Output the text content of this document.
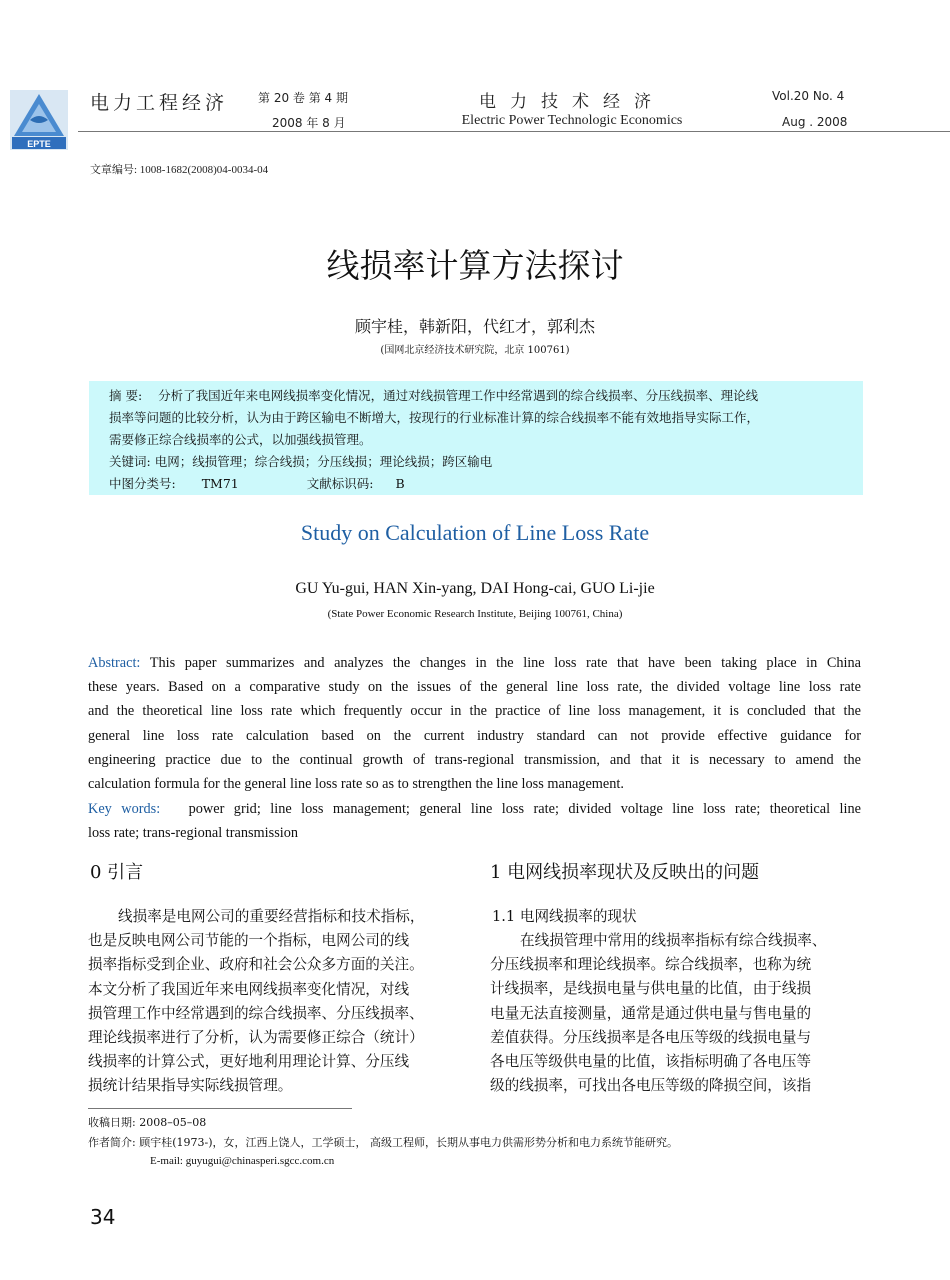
EPTE
电力工程经济 第 20 卷 第 4 期
2008 年 8 月
电力技术经济
Electric Power Technologic Economics
Vol.20 No. 4
Aug . 2008
文章编号: 1008-1682(2008)04-0034-04
线损率计算方法探讨
顾宇桂，韩新阳，代红才，郭利杰
(国网北京经济技术研究院，北京 100761)
摘 要: 分析了我国近年来电网线损率变化情况，通过对线损管理工作中经常遇到的综合线损率、分压线损率、理论线
损率等问题的比较分析，认为由于跨区输电不断增大，按现行的行业标准计算的综合线损率不能有效地指导实际工作，
需要修正综合线损率的公式，以加强线损管理。
关键词: 电网；线损管理；综合线损；分压线损；理论线损；跨区输电
中图分类号: TM71	文献标识码: B
Study on Calculation of Line Loss Rate
GU Yu-gui, HAN Xin-yang, DAI Hong-cai, GUO Li-jie
(State Power Economic Research Institute, Beijing 100761, China)
Abstract: This paper summarizes and analyzes the changes in the line loss rate that have been taking place in China
these years. Based on a comparative study on the issues of the general line loss rate, the divided voltage line loss rate
and the theoretical line loss rate which frequently occur in the practice of line loss management, it is concluded that the
general line loss rate calculation based on the current industry standard can not provide effective guidance for
engineering practice due to the continual growth of trans-regional transmission, and that it is necessary to amend the
calculation formula for the general line loss rate so as to strengthen the line loss management.
Key words: power grid; line loss management; general line loss rate; divided voltage line loss rate; theoretical line
loss rate; trans-regional transmission
0 引言	1 电网线损率现状及反映出的问题
线损率是电网公司的重要经营指标和技术指标，
也是反映电网公司节能的一个指标，电网公司的线
损率指标受到企业、政府和社会公众多方面的关注。
本文分析了我国近年来电网线损率变化情况，对线
损管理工作中经常遇到的综合线损率、分压线损率、
理论线损率进行了分析，认为需要修正综合（统计）
线损率的计算公式，更好地利用理论计算、分压线
损统计结果指导实际线损管理。
1.1 电网线损率的现状
在线损管理中常用的线损率指标有综合线损率、
分压线损率和理论线损率。综合线损率，也称为统
计线损率，是线损电量与供电量的比值，由于线损
电量无法直接测量，通常是通过供电量与售电量的
差值获得。分压线损率是各电压等级的线损电量与
各电压等级供电量的比值，该指标明确了各电压等
级的线损率，可找出各电压等级的降损空间，该指
收稿日期: 2008–05–08
作者简介: 顾宇桂(1973-)，女，江西上饶人，工学硕士， 高级工程师，长期从事电力供需形势分析和电力系统节能研究。
E-mail: guyugui@chinasperi.sgcc.com.cn
34
